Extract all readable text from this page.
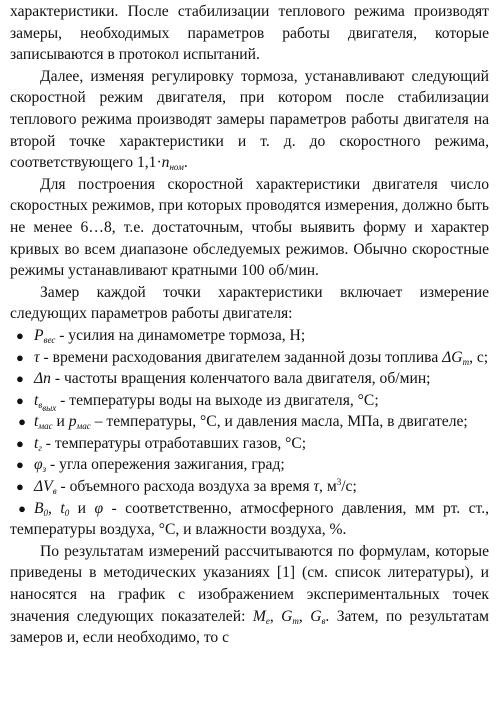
характеристики. После стабилизации теплового режима производят замеры, необходимых параметров работы двигателя, которые записываются в протокол испытаний.

Далее, изменяя регулировку тормоза, устанавливают следующий скоростной режим двигателя, при котором после стабилизации теплового режима производят замеры параметров работы двигателя на второй точке характеристики и т. д. до скоростного режима, соответствующего $1,1\cdot n_{ном}$.

Для построения скоростной характеристики двигателя число скоростных режимов, при которых проводятся измерения, должно быть не менее 6…8, т.е. достаточным, чтобы выявить форму и характер кривых во всем диапазоне обследуемых режимов. Обычно скоростные режимы устанавливают кратными 100 об/мин.

Замер каждой точки характеристики включает измерение следующих параметров работы двигателя:

● $P_{вес}$ - усилия на динамометре тормоза, Н;
● τ - времени расходования двигателем заданной дозы топлива $\Delta G_т$, с;
● Δn - частоты вращения коленчатого вала двигателя, об/мин;
● $t_{в_{вых}}$ - температуры воды на выходе из двигателя, °С;
● $t_{мас}$ и $p_{мас}$ – температуры, °С, и давления масла, МПа, в двигателе;
● $t_г$ - температуры отработавших газов, °С;
● $\varphi_з$ - угла опережения зажигания, град;
● $\Delta V_в$ - объемного расхода воздуха за время τ, $м^3/с$;
● $B_0$, $t_0$ и φ - соответственно, атмосферного давления, мм рт. ст., температуры воздуха, °С, и влажности воздуха, %.

По результатам измерений рассчитываются по формулам, которые приведены в методических указаниях [1] (см. список литературы), и наносятся на график с изображением экспериментальных точек значения следующих показателей: $M_e$, $G_т$, $G_в$. Затем, по результатам замеров и, если необходимо, то с
